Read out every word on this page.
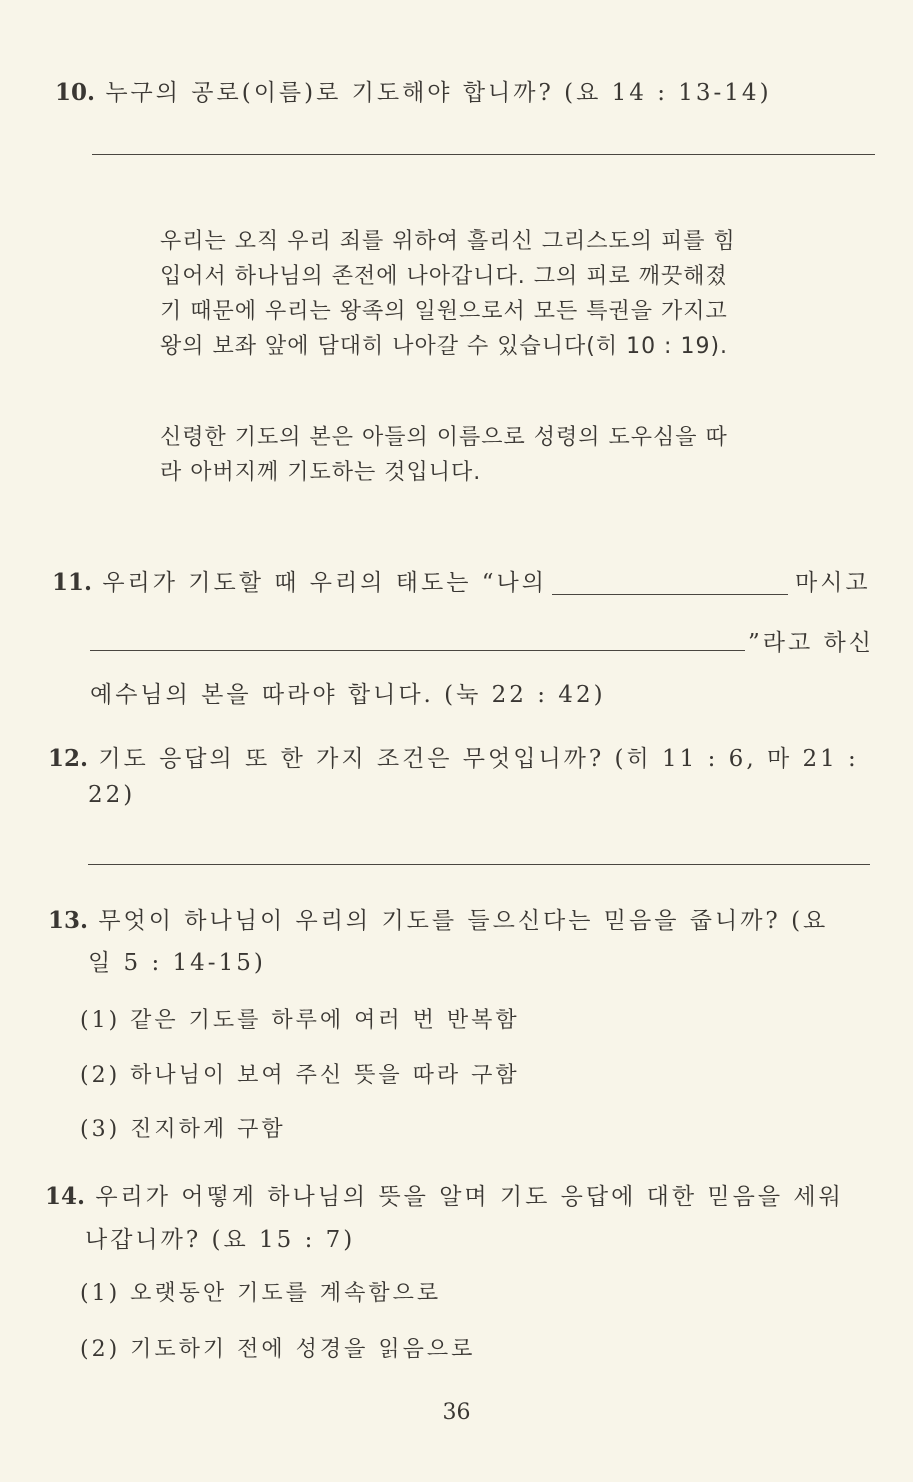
10. 누구의 공로(이름)로 기도해야 합니까? (요 14 : 13-14)
우리는 오직 우리 죄를 위하여 흘리신 그리스도의 피를 힘
입어서 하나님의 존전에 나아갑니다. 그의 피로 깨끗해졌
기 때문에 우리는 왕족의 일원으로서 모든 특권을 가지고
왕의 보좌 앞에 담대히 나아갈 수 있습니다(히 10 : 19).
신령한 기도의 본은 아들의 이름으로 성령의 도우심을 따
라 아버지께 기도하는 것입니다.
11. 우리가 기도할 때 우리의 태도는 “나의	마시고
”라고 하신
예수님의 본을 따라야 합니다. (눅 22 : 42)
12. 기도 응답의 또 한 가지 조건은 무엇입니까? (히 11 : 6, 마 21 :
22)
13. 무엇이 하나님이 우리의 기도를 들으신다는 믿음을 줍니까? (요
일 5 : 14-15)
(1) 같은 기도를 하루에 여러 번 반복함
(2) 하나님이 보여 주신 뜻을 따라 구함
(3) 진지하게 구함
14. 우리가 어떻게 하나님의 뜻을 알며 기도 응답에 대한 믿음을 세워
나갑니까? (요 15 : 7)
(1) 오랫동안 기도를 계속함으로
(2) 기도하기 전에 성경을 읽음으로
36
